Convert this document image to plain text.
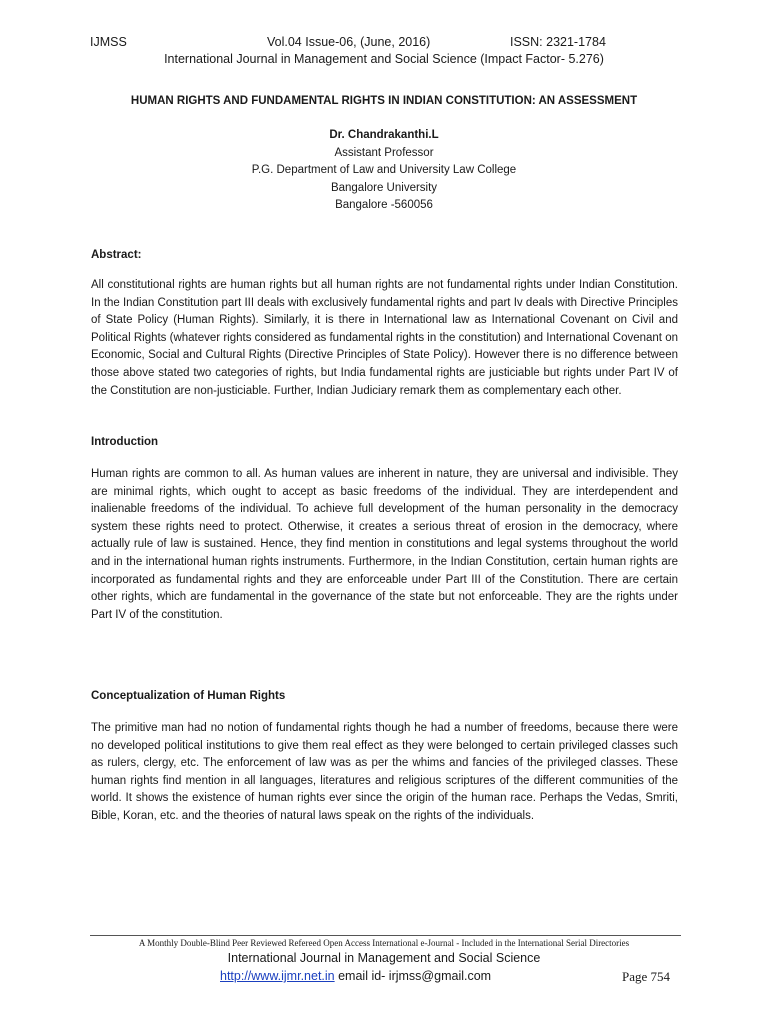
IJMSS	Vol.04 Issue-06, (June, 2016)	ISSN: 2321-1784
International Journal in Management and Social Science (Impact Factor- 5.276)
HUMAN RIGHTS AND FUNDAMENTAL RIGHTS IN INDIAN CONSTITUTION: AN ASSESSMENT
Dr. Chandrakanthi.L
Assistant Professor
P.G. Department of Law and University Law College
Bangalore University
Bangalore -560056
Abstract:

All constitutional rights are human rights but all human rights are not fundamental rights under Indian Constitution. In the Indian Constitution part III deals with exclusively fundamental rights and part Iv deals with Directive Principles of State Policy (Human Rights). Similarly, it is there in International law as International Covenant on Civil and Political Rights (whatever rights considered as fundamental rights in the constitution) and International Covenant on Economic, Social and Cultural Rights (Directive Principles of State Policy). However there is no difference between those above stated two categories of rights, but India fundamental rights are justiciable but rights under Part IV of the Constitution are non-justiciable. Further, Indian Judiciary remark them as complementary each other.

Introduction

Human rights are common to all. As human values are inherent in nature, they are universal and indivisible. They are minimal rights, which ought to accept as basic freedoms of the individual. They are interdependent and inalienable freedoms of the individual. To achieve full development of the human personality in the democracy system these rights need to protect. Otherwise, it creates a serious threat of erosion in the democracy, where actually rule of law is sustained. Hence, they find mention in constitutions and legal systems throughout the world and in the international human rights instruments. Furthermore, in the Indian Constitution, certain human rights are incorporated as fundamental rights and they are enforceable under Part III of the Constitution. There are certain other rights, which are fundamental in the governance of the state but not enforceable. They are the rights under Part IV of the constitution.

Conceptualization of Human Rights

The primitive man had no notion of fundamental rights though he had a number of freedoms, because there were no developed political institutions to give them real effect as they were belonged to certain privileged classes such as rulers, clergy, etc. The enforcement of law was as per the whims and fancies of the privileged classes. These human rights find mention in all languages, literatures and religious scriptures of the different communities of the world. It shows the existence of human rights ever since the origin of the human race. Perhaps the Vedas, Smriti, Bible, Koran, etc. and the theories of natural laws speak on the rights of the individuals.

A Monthly Double-Blind Peer Reviewed Refereed Open Access International e-Journal - Included in the International Serial Directories
International Journal in Management and Social Science
http://www.ijmr.net.in email id- irjmss@gmail.com	Page 754
